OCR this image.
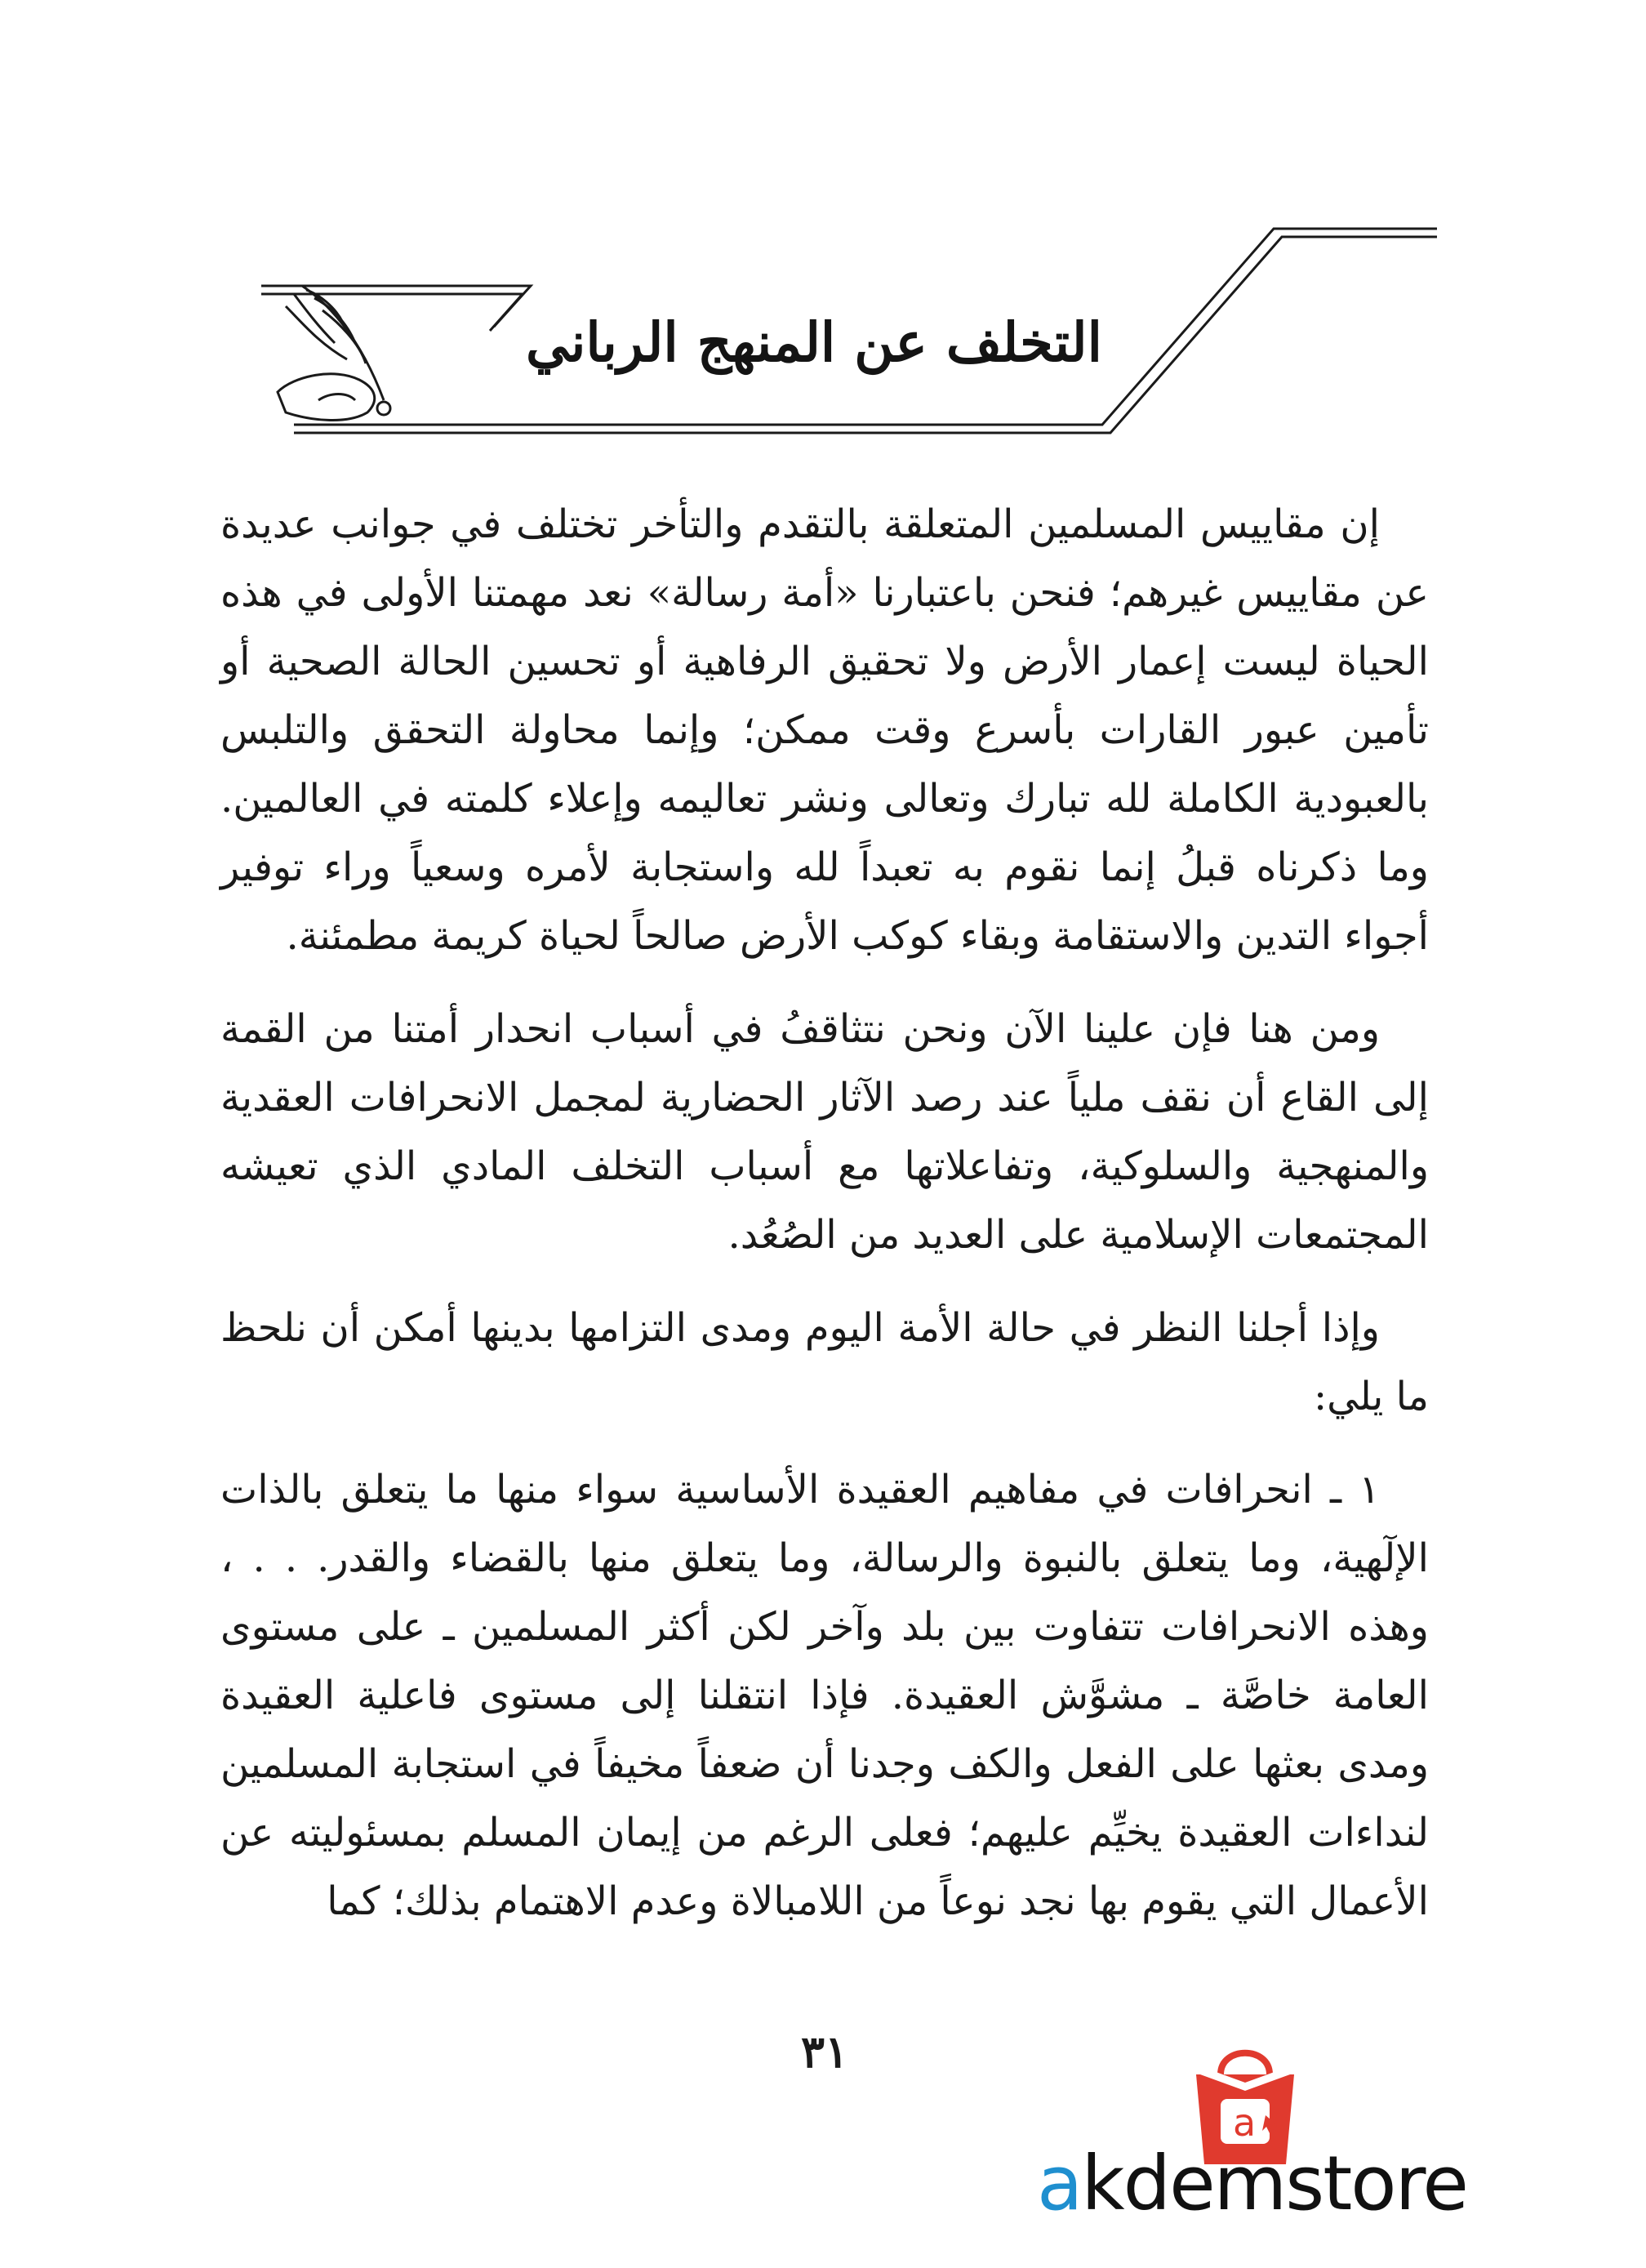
التخلف عن المنهج الرباني

إن مقاييس المسلمين المتعلقة بالتقدم والتأخر تختلف في جوانب عديدة عن مقاييس غيرهم؛ فنحن باعتبارنا «أمة رسالة» نعد مهمتنا الأولى في هذه الحياة ليست إعمار الأرض ولا تحقيق الرفاهية أو تحسين الحالة الصحية أو تأمين عبور القارات بأسرع وقت ممكن؛ وإنما محاولة التحقق والتلبس بالعبودية الكاملة لله تبارك وتعالى ونشر تعاليمه وإعلاء كلمته في العالمين. وما ذكرناه قبلُ إنما نقوم به تعبداً لله واستجابة لأمره وسعياً وراء توفير أجواء التدين والاستقامة وبقاء كوكب الأرض صالحاً لحياة كريمة مطمئنة.

ومن هنا فإن علينا الآن ونحن نتثاقفُ في أسباب انحدار أمتنا من القمة إلى القاع أن نقف ملياً عند رصد الآثار الحضارية لمجمل الانحرافات العقدية والمنهجية والسلوكية، وتفاعلاتها مع أسباب التخلف المادي الذي تعيشه المجتمعات الإسلامية على العديد من الصُعُد.

وإذا أجلنا النظر في حالة الأمة اليوم ومدى التزامها بدينها أمكن أن نلحظ ما يلي:

١ ـ انحرافات في مفاهيم العقيدة الأساسية سواء منها ما يتعلق بالذات الإلٓهية، وما يتعلق بالنبوة والرسالة، وما يتعلق منها بالقضاء والقدر. . . ، وهذه الانحرافات تتفاوت بين بلد وآخر لكن أكثر المسلمين ـ على مستوى العامة خاصَّة ـ مشوَّش العقيدة. فإذا انتقلنا إلى مستوى فاعلية العقيدة ومدى بعثها على الفعل والكف وجدنا أن ضعفاً مخيفاً في استجابة المسلمين لنداءات العقيدة يخيِّم عليهم؛ فعلى الرغم من إيمان المسلم بمسئوليته عن الأعمال التي يقوم بها نجد نوعاً من اللامبالاة وعدم الاهتمام بذلك؛ كما

٣١
a
akdemstore
